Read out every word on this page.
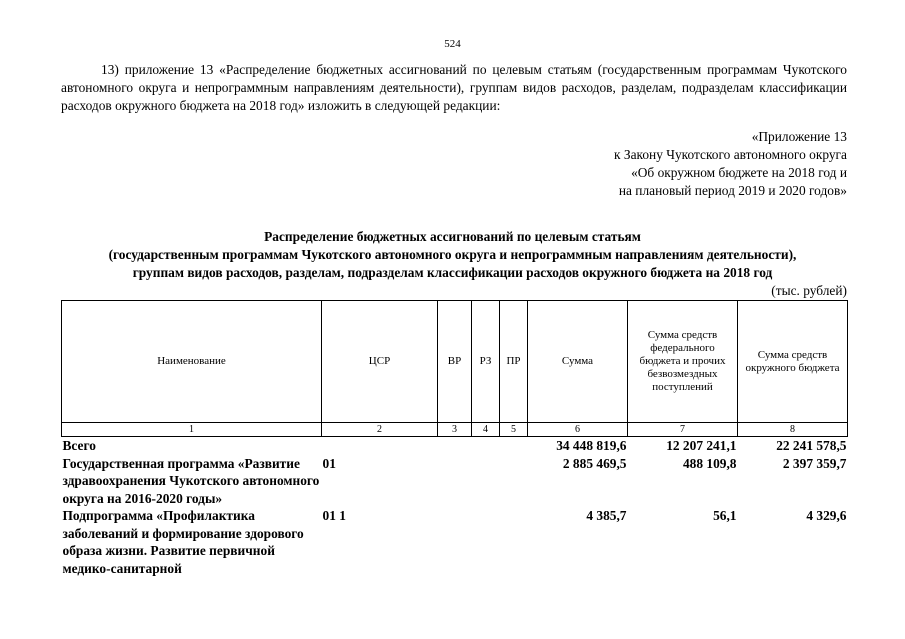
524
13) приложение 13 «Распределение бюджетных ассигнований по целевым статьям (государственным программам Чукотского автономного округа и непрограммным направлениям деятельности), группам видов расходов, разделам, подразделам классификации расходов окружного бюджета на 2018 год» изложить в следующей редакции:
«Приложение 13
к Закону Чукотского автономного округа
«Об окружном бюджете на 2018 год и
на плановый период 2019 и 2020 годов»
Распределение бюджетных ассигнований по целевым статьям
(государственным программам Чукотского автономного округа и непрограммным направлениям деятельности),
группам видов расходов, разделам, подразделам классификации расходов окружного бюджета на 2018 год
(тыс. рублей)
Наименование	ЦСР	ВР	РЗ	ПР	Сумма	Сумма средств федерального бюджета и прочих безвозмездных поступлений	Сумма средств окружного бюджета
1	2	3	4	5	6	7	8
Всего					34 448 819,6	12 207 241,1	22 241 578,5
Государственная программа «Развитие здравоохранения Чукотского автономного округа на 2016-2020 годы»	01				2 885 469,5	488 109,8	2 397 359,7
Подпрограмма «Профилактика заболеваний и формирование здорового образа жизни. Развитие первичной медико-санитарной	01 1				4 385,7	56,1	4 329,6
